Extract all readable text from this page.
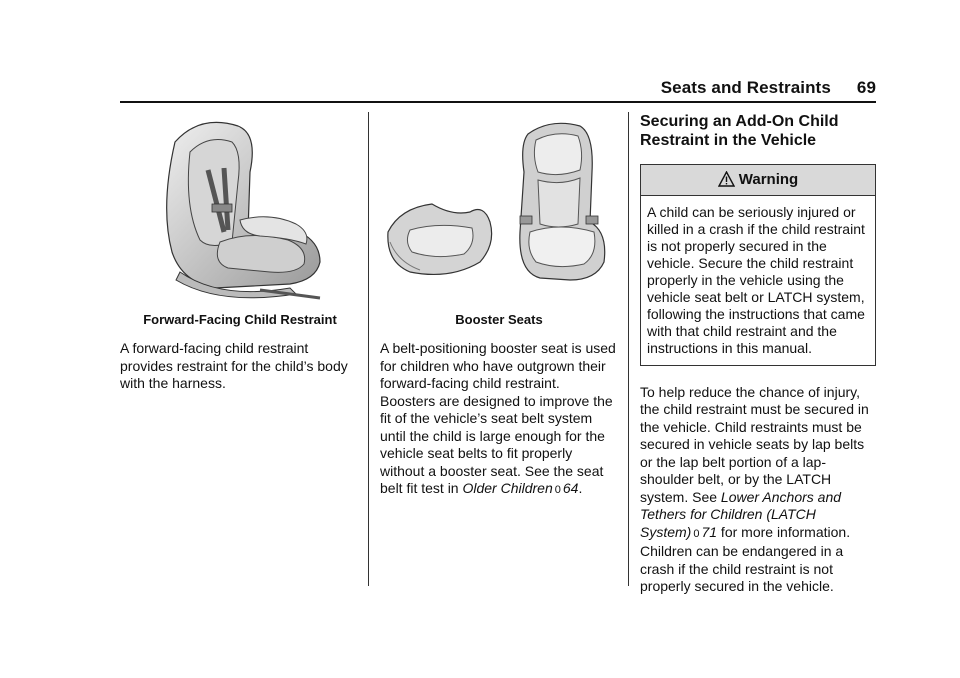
Seats and Restraints 69
Forward-Facing Child Restraint

A forward-facing child restraint provides restraint for the child’s body with the harness.

Booster Seats

A belt-positioning booster seat is used for children who have outgrown their forward-facing child restraint. Boosters are designed to improve the fit of the vehicle’s seat belt system until the child is large enough for the vehicle seat belts to fit properly without a booster seat. See the seat belt fit test in Older Children 0 64.

Securing an Add-On Child Restraint in the Vehicle
Warning
A child can be seriously injured or killed in a crash if the child restraint is not properly secured in the vehicle. Secure the child restraint properly in the vehicle using the vehicle seat belt or LATCH system, following the instructions that came with that child restraint and the instructions in this manual.

To help reduce the chance of injury, the child restraint must be secured in the vehicle. Child restraints must be secured in vehicle seats by lap belts or the lap belt portion of a lap-shoulder belt, or by the LATCH system. See Lower Anchors and Tethers for Children (LATCH System) 0 71 for more information. Children can be endangered in a crash if the child restraint is not properly secured in the vehicle.
